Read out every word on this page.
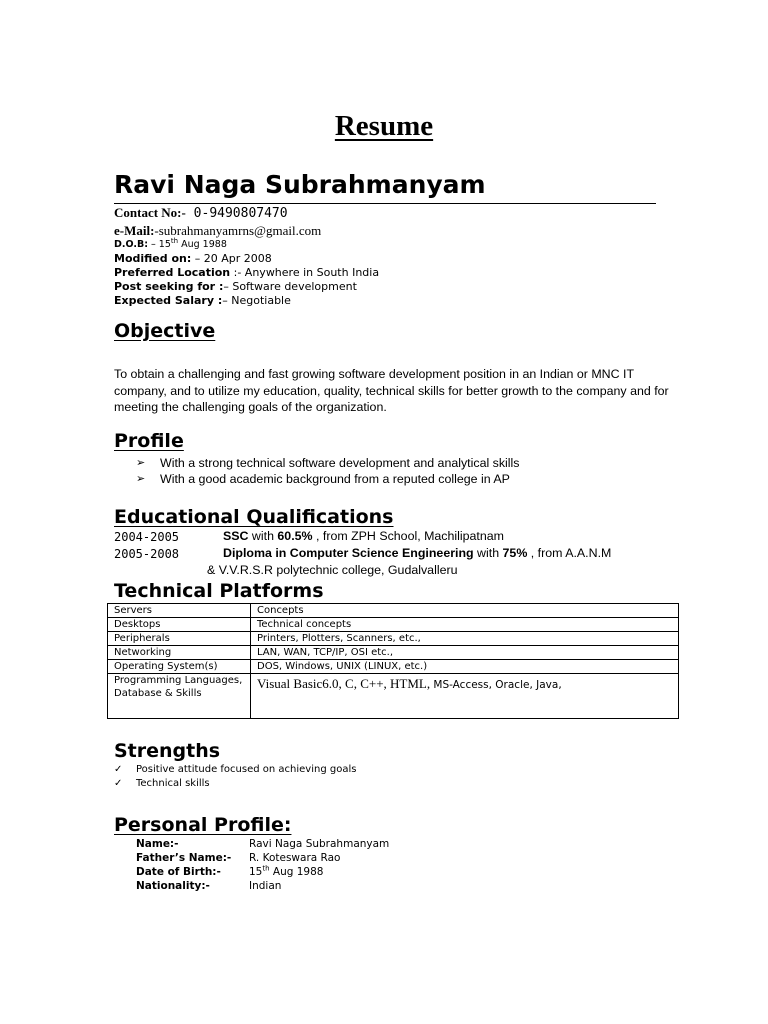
Resume
Ravi Naga Subrahmanyam
Contact No:- 0-9490807470
e-Mail:-subrahmanyamrns@gmail.com
D.O.B: – 15th Aug 1988
Modified on: – 20 Apr 2008
Preferred Location :- Anywhere in South India
Post seeking for :– Software development
Expected Salary :– Negotiable
Objective
To obtain a challenging and fast growing software development position in an Indian or MNC IT company, and to utilize my education, quality, technical skills for better growth to the company and for meeting the challenging goals of the organization.
Profile
➢ With a strong technical software development and analytical skills
➢ With a good academic background from a reputed college in AP
Educational Qualifications
2004-2005	SSC with 60.5% , from ZPH School, Machilipatnam
2005-2008	Diploma in Computer Science Engineering with 75% , from A.A.N.M
& V.V.R.S.R polytechnic college, Gudalvalleru
Technical Platforms
Servers	Concepts
Desktops	Technical concepts
Peripherals	Printers, Plotters, Scanners, etc.,
Networking	LAN, WAN, TCP/IP, OSI etc.,
Operating System(s)	DOS, Windows, UNIX (LINUX, etc.)
Programming Languages, Database & Skills	Visual Basic6.0, C, C++, HTML, MS-Access, Oracle, Java,
Strengths
✓ Positive attitude focused on achieving goals
✓ Technical skills
Personal Profile:
Name:-	Ravi Naga Subrahmanyam
Father’s Name:- R. Koteswara Rao
Date of Birth:-	15th Aug 1988
Nationality:-	Indian
